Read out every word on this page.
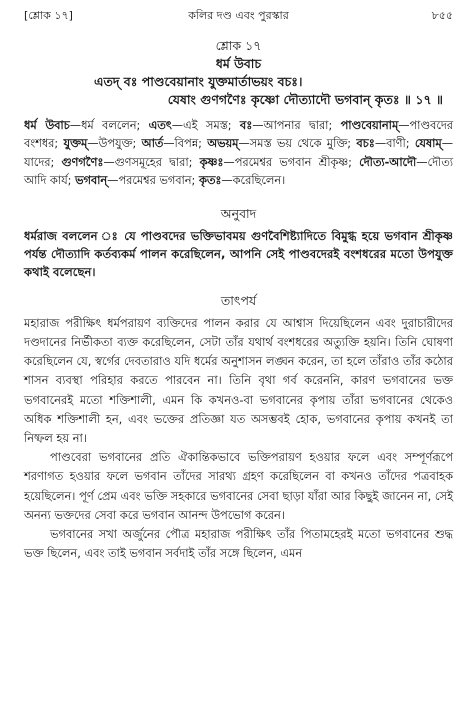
[শ্লোক ১৭]	কলির দণ্ড এবং পুরস্কার	৮৫৫
শ্লোক ১৭
ধর্ম উবাচ
এতদ্ বঃ পাণ্ডবেয়ানাং যুক্তমার্তাভয়ং বচঃ।
যেষাং গুণগণৈঃ কৃষ্ণো দৌত্যাদৌ ভগবান্ কৃতঃ ॥ ১৭ ॥
ধর্ম উবাচ—ধর্ম বললেন; এতৎ—এই সমস্ত; বঃ—আপনার দ্বারা; পাণ্ডবেয়ানাম্—পাণ্ডবদের বংশধর; যুক্তম্—উপযুক্ত; আর্ত—বিপন্ন; অভয়ম্—সমস্ত ভয় থেকে মুক্তি; বচঃ—বাণী; যেষাম্—যাদের; গুণগণৈঃ—গুণসমূহের দ্বারা; কৃষ্ণঃ—পরমেশ্বর ভগবান শ্রীকৃষ্ণ; দৌত্য-আদৌ—দৌত্য আদি কার্য; ভগবান্—পরমেশ্বর ভগবান; কৃতঃ—করেছিলেন।
অনুবাদ
ধর্মরাজ বললেন ঃ যে পাণ্ডবদের ভক্তিভাবময় গুণবৈশিষ্ট্যাদিতে বিমুগ্ধ হয়ে ভগবান শ্রীকৃষ্ণ পর্যন্ত দৌত্যাদি কর্তব্যকর্ম পালন করেছিলেন, আপনি সেই পাণ্ডবদেরই বংশধরের মতো উপযুক্ত কথাই বলেছেন।
তাৎপর্য

মহারাজ পরীক্ষিৎ ধর্মপরায়ণ ব্যক্তিদের পালন করার যে আশ্বাস দিয়েছিলেন এবং দুরাচারীদের দণ্ডদানের নির্ভীকতা ব্যক্ত করেছিলেন, সেটা তাঁর যথার্থ বংশধরের অত্যুক্তি হয়নি। তিনি ঘোষণা করেছিলেন যে, স্বর্গের দেবতারাও যদি ধর্মের অনুশাসন লঙ্ঘন করেন, তা হলে তাঁরাও তাঁর কঠোর শাসন ব্যবস্থা পরিহার করতে পারবেন না। তিনি বৃথা গর্ব করেননি, কারণ ভগবানের ভক্ত ভগবানেরই মতো শক্তিশালী, এমন কি কখনও-বা ভগবানের কৃপায় তাঁরা ভগবানের থেকেও অধিক শক্তিশালী হন, এবং ভক্তের প্রতিজ্ঞা যত অসম্ভবই হোক, ভগবানের কৃপায় কখনই তা নিষ্ফল হয় না।

পাণ্ডবেরা ভগবানের প্রতি ঐকান্তিকভাবে ভক্তিপরায়ণ হওয়ার ফলে এবং সম্পূর্ণরূপে শরণাগত হওয়ার ফলে ভগবান তাঁদের সারথ্য গ্রহণ করেছিলেন বা কখনও তাঁদের পত্রবাহক হয়েছিলেন। পূর্ণ প্রেম এবং ভক্তি সহকারে ভগবানের সেবা ছাড়া যাঁরা আর কিছুই জানেন না, সেই অনন্য ভক্তদের সেবা করে ভগবান আনন্দ উপভোগ করেন।

ভগবানের সখা অর্জুনের পৌত্র মহারাজ পরীক্ষিৎ তাঁর পিতামহেরই মতো ভগবানের শুদ্ধ ভক্ত ছিলেন, এবং তাই ভগবান সর্বদাই তাঁর সঙ্গে ছিলেন, এমন
